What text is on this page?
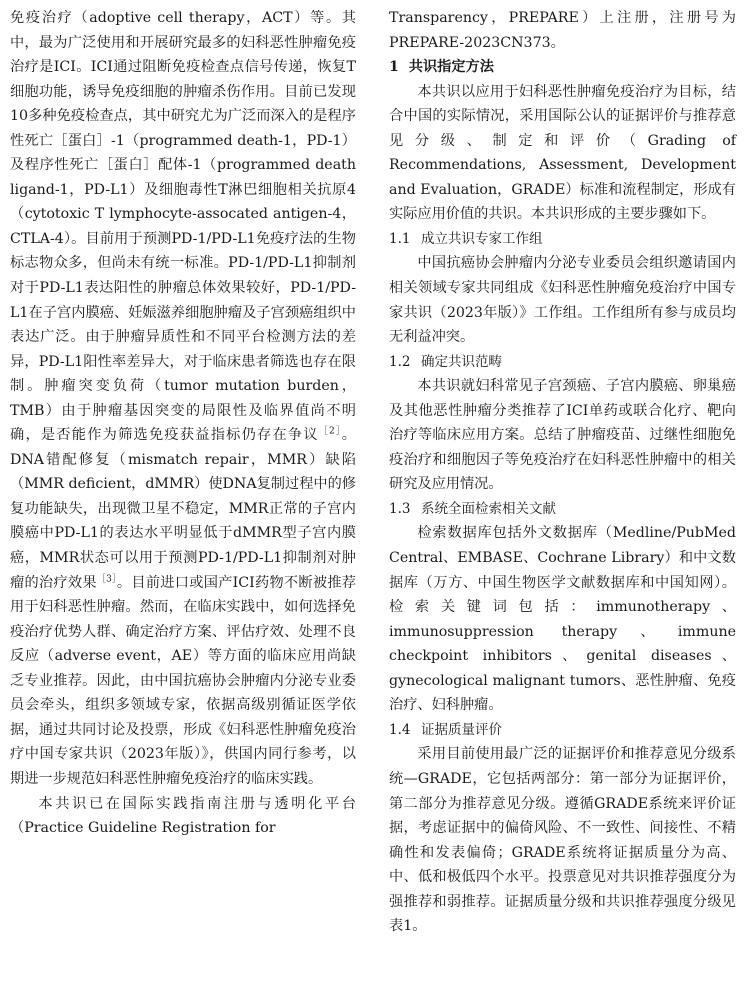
免疫治疗（adoptive cell therapy，ACT）等。其中，最为广泛使用和开展研究最多的妇科恶性肿瘤免疫治疗是ICI。ICI通过阻断免疫检查点信号传递，恢复T细胞功能，诱导免疫细胞的肿瘤杀伤作用。目前已发现10多种免疫检查点，其中研究尤为广泛而深入的是程序性死亡［蛋白］-1（programmed death-1，PD-1）及程序性死亡［蛋白］配体-1（programmed death ligand-1，PD-L1）及细胞毒性T淋巴细胞相关抗原4（cytotoxic T lymphocyte-assocated antigen-4，CTLA-4）。目前用于预测PD-1/PD-L1免疫疗法的生物标志物众多，但尚未有统一标准。PD-1/PD-L1抑制剂对于PD-L1表达阳性的肿瘤总体效果较好，PD-1/PD-L1在子宫内膜癌、妊娠滋养细胞肿瘤及子宫颈癌组织中表达广泛。由于肿瘤异质性和不同平台检测方法的差异，PD-L1阳性率差异大，对于临床患者筛选也存在限制。肿瘤突变负荷（tumor mutation burden，TMB）由于肿瘤基因突变的局限性及临界值尚不明确，是否能作为筛选免疫获益指标仍存在争议$^{[2]}$。DNA错配修复（mismatch repair，MMR）缺陷（MMR deficient，dMMR）使DNA复制过程中的修复功能缺失，出现微卫星不稳定，MMR正常的子宫内膜癌中PD-L1的表达水平明显低于dMMR型子宫内膜癌，MMR状态可以用于预测PD-1/PD-L1抑制剂对肿瘤的治疗效果$^{[3]}$。目前进口或国产ICI药物不断被推荐用于妇科恶性肿瘤。然而，在临床实践中，如何选择免疫治疗优势人群、确定治疗方案、评估疗效、处理不良反应（adverse event，AE）等方面的临床应用尚缺乏专业推荐。因此，由中国抗癌协会肿瘤内分泌专业委员会牵头，组织多领域专家，依据高级别循证医学依据，通过共同讨论及投票，形成《妇科恶性肿瘤免疫治疗中国专家共识（2023年版）》，供国内同行参考，以期进一步规范妇科恶性肿瘤免疫治疗的临床实践。

本共识已在国际实践指南注册与透明化平台（Practice Guideline Registration for

Transparency，PREPARE）上注册，注册号为PREPARE-2023CN373。

1 共识指定方法

本共识以应用于妇科恶性肿瘤免疫治疗为目标，结合中国的实际情况，采用国际公认的证据评价与推荐意见分级、制定和评价（Grading of Recommendations, Assessment, Development and Evaluation，GRADE）标准和流程制定，形成有实际应用价值的共识。本共识形成的主要步骤如下。

1.1 成立共识专家工作组

中国抗癌协会肿瘤内分泌专业委员会组织邀请国内相关领域专家共同组成《妇科恶性肿瘤免疫治疗中国专家共识（2023年版）》工作组。工作组所有参与成员均无利益冲突。

1.2 确定共识范畴

本共识就妇科常见子宫颈癌、子宫内膜癌、卵巢癌及其他恶性肿瘤分类推荐了ICI单药或联合化疗、靶向治疗等临床应用方案。总结了肿瘤疫苗、过继性细胞免疫治疗和细胞因子等免疫治疗在妇科恶性肿瘤中的相关研究及应用情况。

1.3 系统全面检索相关文献

检索数据库包括外文数据库（Medline/PubMed Central、EMBASE、Cochrane Library）和中文数据库（万方、中国生物医学文献数据库和中国知网）。检索关键词包括：immunotherapy、immunosuppression therapy、immune checkpoint inhibitors、genital diseases、gynecological malignant tumors、恶性肿瘤、免疫治疗、妇科肿瘤。

1.4 证据质量评价

采用目前使用最广泛的证据评价和推荐意见分级系统—GRADE，它包括两部分：第一部分为证据评价，第二部分为推荐意见分级。遵循GRADE系统来评价证据，考虑证据中的偏倚风险、不一致性、间接性、不精确性和发表偏倚；GRADE系统将证据质量分为高、中、低和极低四个水平。投票意见对共识推荐强度分为强推荐和弱推荐。证据质量分级和共识推荐强度分级见表1。
